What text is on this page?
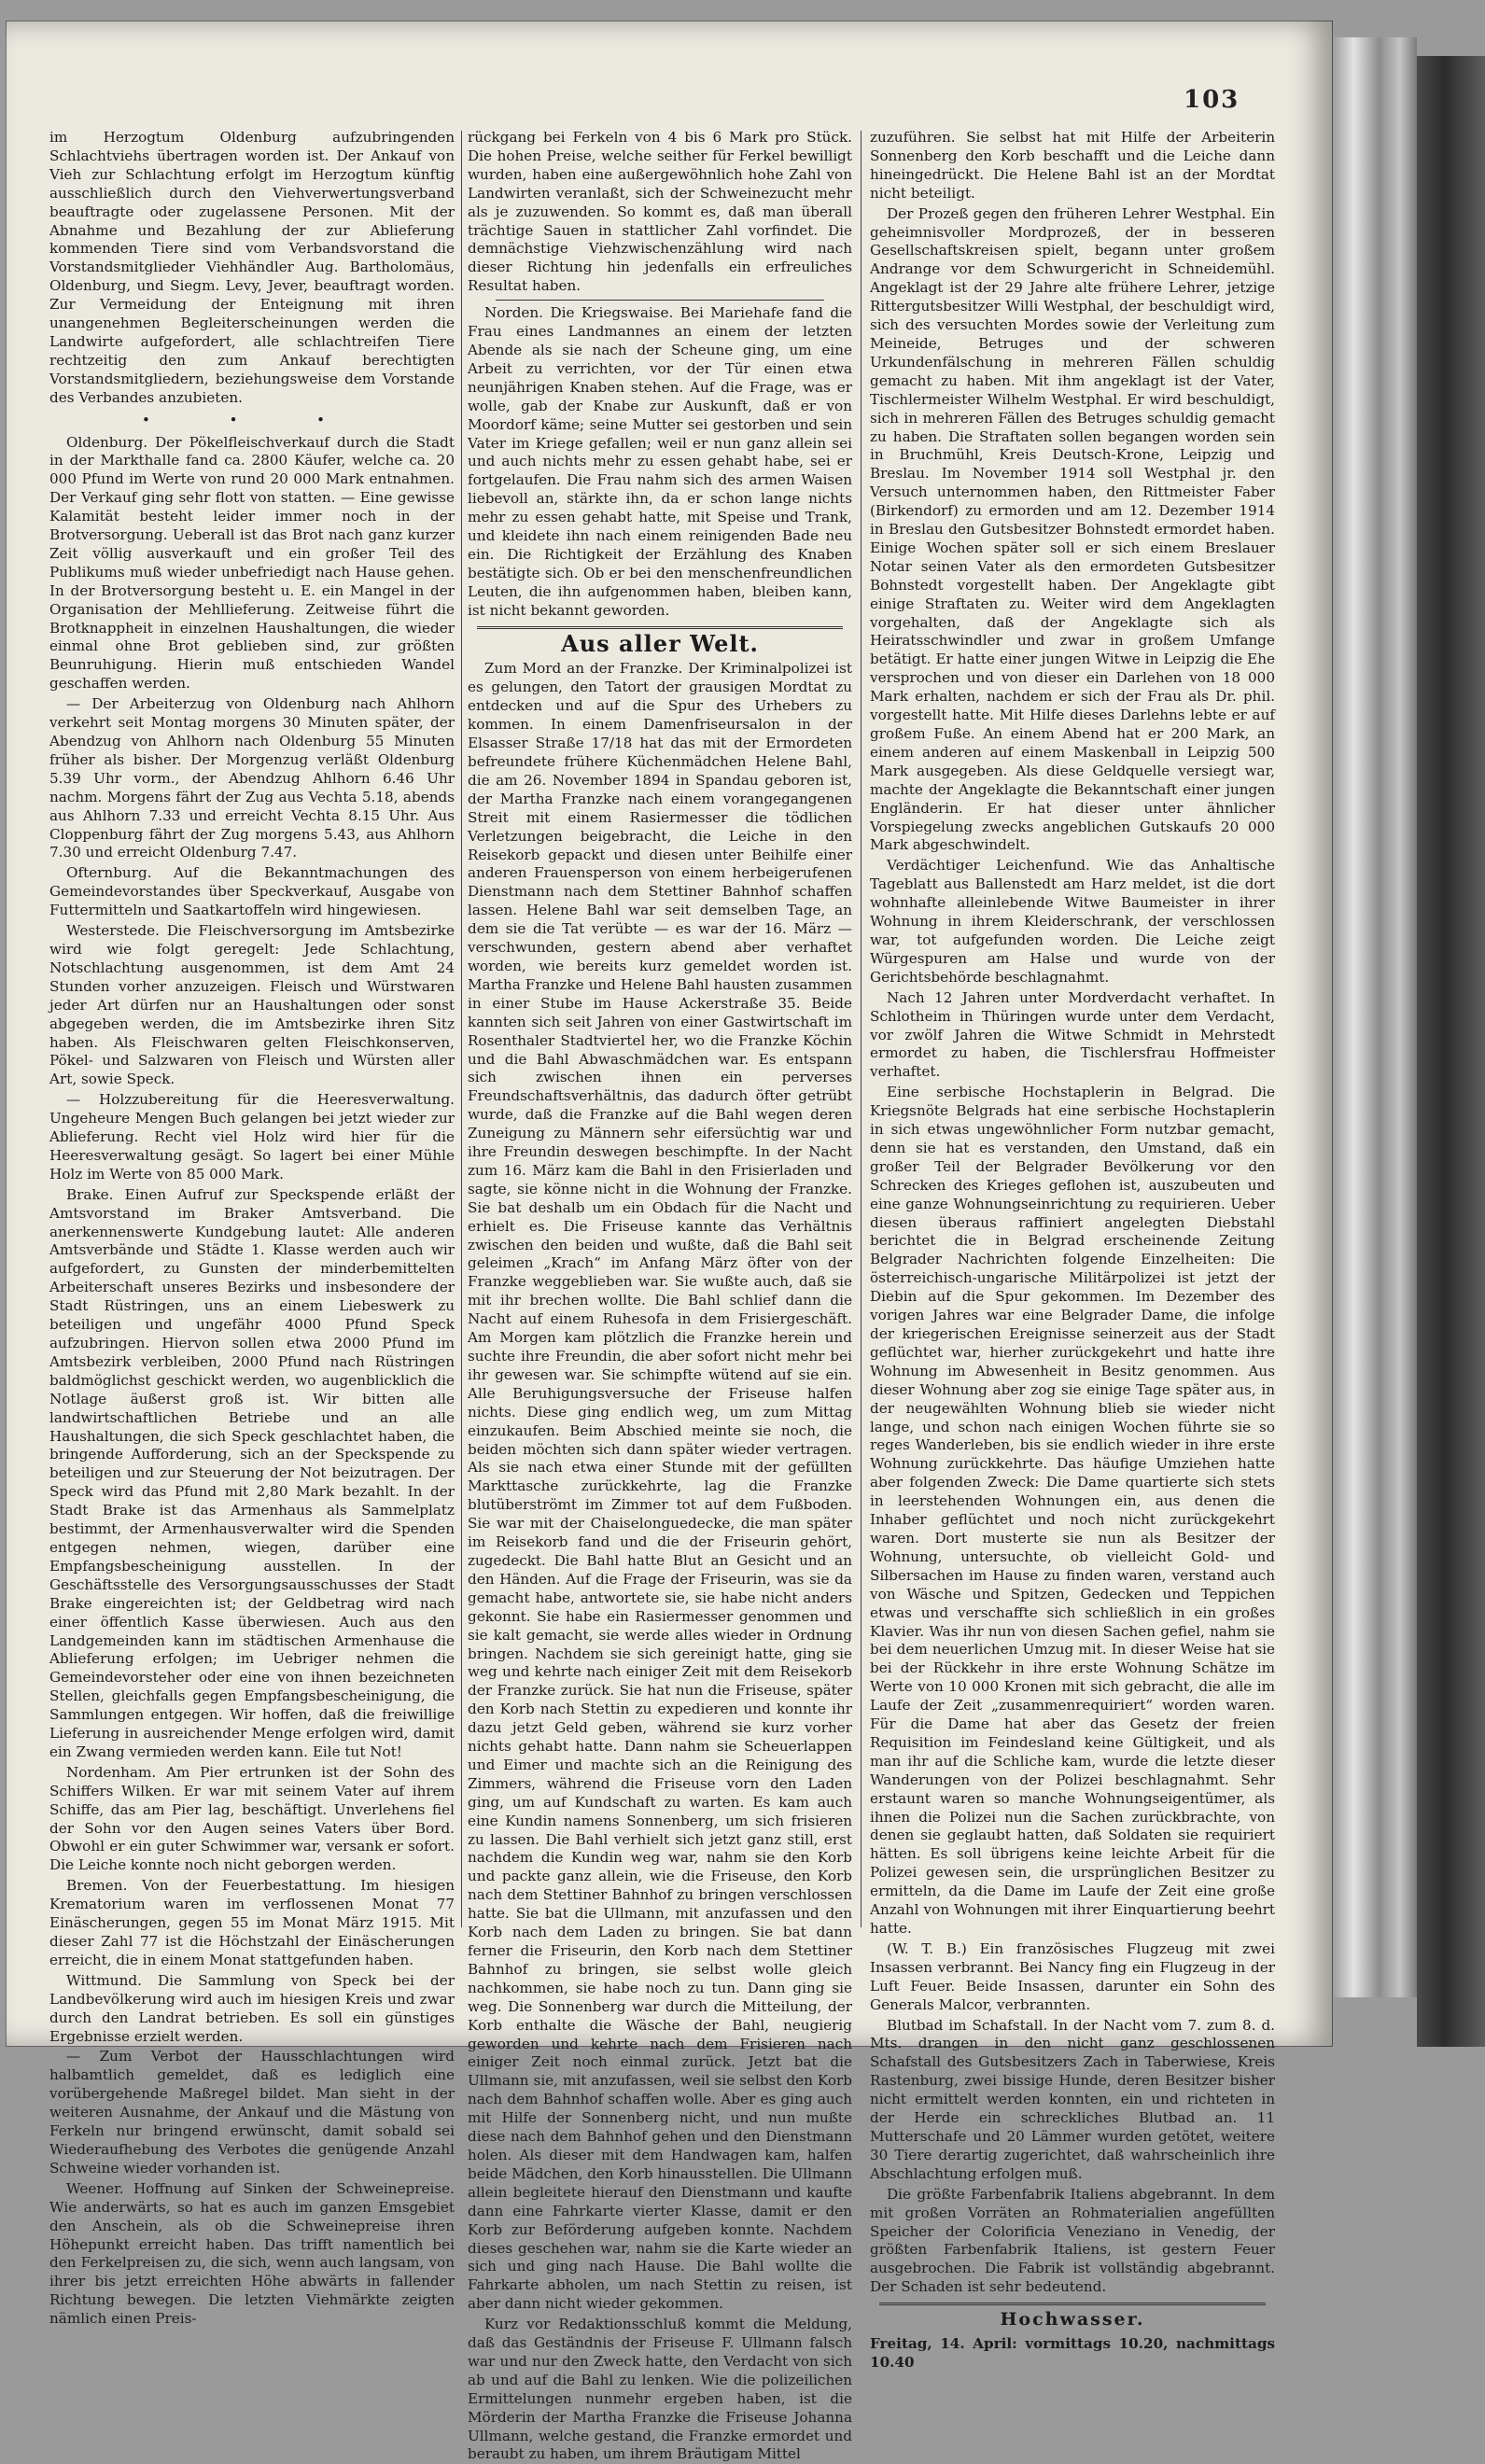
103

im Herzogtum Oldenburg aufzubringenden Schlachtviehs übertragen worden ist. Der Ankauf von Vieh zur Schlachtung erfolgt im Herzogtum künftig ausschließlich durch den Viehverwertungsverband beauftragte oder zugelassene Personen. Mit der Abnahme und Bezahlung der zur Ablieferung kommenden Tiere sind vom Verbandsvorstand die Vorstandsmitglieder Viehhändler Aug. Bartholomäus, Oldenburg, und Siegm. Levy, Jever, beauftragt worden. Zur Vermeidung der Enteignung mit ihren unangenehmen Begleiterscheinungen werden die Landwirte aufgefordert, alle schlachtreifen Tiere rechtzeitig den zum Ankauf berechtigten Vorstandsmitgliedern, beziehungsweise dem Vorstande des Verbandes anzubieten.

• • •

Oldenburg. Der Pökelfleischverkauf durch die Stadt in der Markthalle fand ca. 2800 Käufer, welche ca. 20 000 Pfund im Werte von rund 20 000 Mark entnahmen. Der Verkauf ging sehr flott von statten. — Eine gewisse Kalamität besteht leider immer noch in der Brotversorgung. Ueberall ist das Brot nach ganz kurzer Zeit völlig ausverkauft und ein großer Teil des Publikums muß wieder unbefriedigt nach Hause gehen. In der Brotversorgung besteht u. E. ein Mangel in der Organisation der Mehllieferung. Zeitweise führt die Brotknappheit in einzelnen Haushaltungen, die wieder einmal ohne Brot geblieben sind, zur größten Beunruhigung. Hierin muß entschieden Wandel geschaffen werden.

— Der Arbeiterzug von Oldenburg nach Ahlhorn verkehrt seit Montag morgens 30 Minuten später, der Abendzug von Ahlhorn nach Oldenburg 55 Minuten früher als bisher. Der Morgenzug verläßt Oldenburg 5.39 Uhr vorm., der Abendzug Ahlhorn 6.46 Uhr nachm. Morgens fährt der Zug aus Vechta 5.18, abends aus Ahlhorn 7.33 und erreicht Vechta 8.15 Uhr. Aus Cloppenburg fährt der Zug morgens 5.43, aus Ahlhorn 7.30 und erreicht Oldenburg 7.47.

Ofternburg. Auf die Bekanntmachungen des Gemeindevorstandes über Speckverkauf, Ausgabe von Futtermitteln und Saatkartoffeln wird hingewiesen.

Westerstede. Die Fleischversorgung im Amtsbezirke wird wie folgt geregelt: Jede Schlachtung, Notschlachtung ausgenommen, ist dem Amt 24 Stunden vorher anzuzeigen. Fleisch und Würstwaren jeder Art dürfen nur an Haushaltungen oder sonst abgegeben werden, die im Amtsbezirke ihren Sitz haben. Als Fleischwaren gelten Fleischkonserven, Pökel- und Salzwaren von Fleisch und Würsten aller Art, sowie Speck.

— Holzzubereitung für die Heeresverwaltung. Ungeheure Mengen Buch gelangen bei jetzt wieder zur Ablieferung. Recht viel Holz wird hier für die Heeresverwaltung gesägt. So lagert bei einer Mühle Holz im Werte von 85 000 Mark.

Brake. Einen Aufruf zur Speckspende erläßt der Amtsvorstand im Braker Amtsverband. Die anerkennenswerte Kundgebung lautet: Alle anderen Amtsverbände und Städte 1. Klasse werden auch wir aufgefordert, zu Gunsten der minderbemittelten Arbeiterschaft unseres Bezirks und insbesondere der Stadt Rüstringen, uns an einem Liebeswerk zu beteiligen und ungefähr 4000 Pfund Speck aufzubringen. Hiervon sollen etwa 2000 Pfund im Amtsbezirk verbleiben, 2000 Pfund nach Rüstringen baldmöglichst geschickt werden, wo augenblicklich die Notlage äußerst groß ist. Wir bitten alle landwirtschaftlichen Betriebe und an alle Haushaltungen, die sich Speck geschlachtet haben, die bringende Aufforderung, sich an der Speckspende zu beteiligen und zur Steuerung der Not beizutragen. Der Speck wird das Pfund mit 2,80 Mark bezahlt. In der Stadt Brake ist das Armenhaus als Sammelplatz bestimmt, der Armenhausverwalter wird die Spenden entgegen nehmen, wiegen, darüber eine Empfangsbescheinigung ausstellen. In der Geschäftsstelle des Versorgungsausschusses der Stadt Brake eingereichten ist; der Geldbetrag wird nach einer öffentlich Kasse überwiesen. Auch aus den Landgemeinden kann im städtischen Armenhause die Ablieferung erfolgen; im Uebriger nehmen die Gemeindevorsteher oder eine von ihnen bezeichneten Stellen, gleichfalls gegen Empfangsbescheinigung, die Sammlungen entgegen. Wir hoffen, daß die freiwillige Lieferung in ausreichender Menge erfolgen wird, damit ein Zwang vermieden werden kann. Eile tut Not!

Nordenham. Am Pier ertrunken ist der Sohn des Schiffers Wilken. Er war mit seinem Vater auf ihrem Schiffe, das am Pier lag, beschäftigt. Unverlehens fiel der Sohn vor den Augen seines Vaters über Bord. Obwohl er ein guter Schwimmer war, versank er sofort. Die Leiche konnte noch nicht geborgen werden.

Bremen. Von der Feuerbestattung. Im hiesigen Krematorium waren im verflossenen Monat 77 Einäscherungen, gegen 55 im Monat März 1915. Mit dieser Zahl 77 ist die Höchstzahl der Einäscherungen erreicht, die in einem Monat stattgefunden haben.

Wittmund. Die Sammlung von Speck bei der Landbevölkerung wird auch im hiesigen Kreis und zwar durch den Landrat betrieben. Es soll ein günstiges Ergebnisse erzielt werden.

— Zum Verbot der Hausschlachtungen wird halbamtlich gemeldet, daß es lediglich eine vorübergehende Maßregel bildet. Man sieht in der weiteren Ausnahme, der Ankauf und die Mästung von Ferkeln nur bringend erwünscht, damit sobald sei Wiederaufhebung des Verbotes die genügende Anzahl Schweine wieder vorhanden ist.

Weener. Hoffnung auf Sinken der Schweinepreise. Wie anderwärts, so hat es auch im ganzen Emsgebiet den Anschein, als ob die Schweinepreise ihren Höhepunkt erreicht haben. Das trifft namentlich bei den Ferkelpreisen zu, die sich, wenn auch langsam, von ihrer bis jetzt erreichten Höhe abwärts in fallender Richtung bewegen. Die letzten Viehmärkte zeigten nämlich einen Preis-

rückgang bei Ferkeln von 4 bis 6 Mark pro Stück. Die hohen Preise, welche seither für Ferkel bewilligt wurden, haben eine außergewöhnlich hohe Zahl von Landwirten veranlaßt, sich der Schweinezucht mehr als je zuzuwenden. So kommt es, daß man überall trächtige Sauen in stattlicher Zahl vorfindet. Die demnächstige Viehzwischenzählung wird nach dieser Richtung hin jedenfalls ein erfreuliches Resultat haben.

Norden. Die Kriegswaise. Bei Mariehafe fand die Frau eines Landmannes an einem der letzten Abende als sie nach der Scheune ging, um eine Arbeit zu verrichten, vor der Tür einen etwa neunjährigen Knaben stehen. Auf die Frage, was er wolle, gab der Knabe zur Auskunft, daß er von Moordorf käme; seine Mutter sei gestorben und sein Vater im Kriege gefallen; weil er nun ganz allein sei und auch nichts mehr zu essen gehabt habe, sei er fortgelaufen. Die Frau nahm sich des armen Waisen liebevoll an, stärkte ihn, da er schon lange nichts mehr zu essen gehabt hatte, mit Speise und Trank, und kleidete ihn nach einem reinigenden Bade neu ein. Die Richtigkeit der Erzählung des Knaben bestätigte sich. Ob er bei den menschenfreundlichen Leuten, die ihn aufgenommen haben, bleiben kann, ist nicht bekannt geworden.

Aus aller Welt.

Zum Mord an der Franzke. Der Kriminalpolizei ist es gelungen, den Tatort der grausigen Mordtat zu entdecken und auf die Spur des Urhebers zu kommen. In einem Damenfriseursalon in der Elsasser Straße 17/18 hat das mit der Ermordeten befreundete frühere Küchenmädchen Helene Bahl, die am 26. November 1894 in Spandau geboren ist, der Martha Franzke nach einem vorangegangenen Streit mit einem Rasiermesser die tödlichen Verletzungen beigebracht, die Leiche in den Reisekorb gepackt und diesen unter Beihilfe einer anderen Frauensperson von einem herbeigerufenen Dienstmann nach dem Stettiner Bahnhof schaffen lassen. Helene Bahl war seit demselben Tage, an dem sie die Tat verübte — es war der 16. März — verschwunden, gestern abend aber verhaftet worden, wie bereits kurz gemeldet worden ist. Martha Franzke und Helene Bahl hausten zusammen in einer Stube im Hause Ackerstraße 35. Beide kannten sich seit Jahren von einer Gastwirtschaft im Rosenthaler Stadtviertel her, wo die Franzke Köchin und die Bahl Abwaschmädchen war. Es entspann sich zwischen ihnen ein perverses Freundschaftsverhältnis, das dadurch öfter getrübt wurde, daß die Franzke auf die Bahl wegen deren Zuneigung zu Männern sehr eifersüchtig war und ihre Freundin deswegen beschimpfte. In der Nacht zum 16. März kam die Bahl in den Frisierladen und sagte, sie könne nicht in die Wohnung der Franzke. Sie bat deshalb um ein Obdach für die Nacht und erhielt es. Die Friseuse kannte das Verhältnis zwischen den beiden und wußte, daß die Bahl seit geleimen „Krach“ im Anfang März öfter von der Franzke weggeblieben war. Sie wußte auch, daß sie mit ihr brechen wollte. Die Bahl schlief dann die Nacht auf einem Ruhesofa in dem Frisiergeschäft. Am Morgen kam plötzlich die Franzke herein und suchte ihre Freundin, die aber sofort nicht mehr bei ihr gewesen war. Sie schimpfte wütend auf sie ein. Alle Beruhigungsversuche der Friseuse halfen nichts. Diese ging endlich weg, um zum Mittag einzukaufen. Beim Abschied meinte sie noch, die beiden möchten sich dann später wieder vertragen. Als sie nach etwa einer Stunde mit der gefüllten Markttasche zurückkehrte, lag die Franzke blutüberströmt im Zimmer tot auf dem Fußboden. Sie war mit der Chaiselonguedecke, die man später im Reisekorb fand und die der Friseurin gehört, zugedeckt. Die Bahl hatte Blut an Gesicht und an den Händen. Auf die Frage der Friseurin, was sie da gemacht habe, antwortete sie, sie habe nicht anders gekonnt. Sie habe ein Rasiermesser genommen und sie kalt gemacht, sie werde alles wieder in Ordnung bringen. Nachdem sie sich gereinigt hatte, ging sie weg und kehrte nach einiger Zeit mit dem Reisekorb der Franzke zurück. Sie hat nun die Friseuse, später den Korb nach Stettin zu expedieren und konnte ihr dazu jetzt Geld geben, während sie kurz vorher nichts gehabt hatte. Dann nahm sie Scheuerlappen und Eimer und machte sich an die Reinigung des Zimmers, während die Friseuse vorn den Laden ging, um auf Kundschaft zu warten. Es kam auch eine Kundin namens Sonnenberg, um sich frisieren zu lassen. Die Bahl verhielt sich jetzt ganz still, erst nachdem die Kundin weg war, nahm sie den Korb und packte ganz allein, wie die Friseuse, den Korb nach dem Stettiner Bahnhof zu bringen verschlossen hatte. Sie bat die Ullmann, mit anzufassen und den Korb nach dem Laden zu bringen. Sie bat dann ferner die Friseurin, den Korb nach dem Stettiner Bahnhof zu bringen, sie selbst wolle gleich nachkommen, sie habe noch zu tun. Dann ging sie weg. Die Sonnenberg war durch die Mitteilung, der Korb enthalte die Wäsche der Bahl, neugierig geworden und kehrte nach dem Frisieren nach einiger Zeit noch einmal zurück. Jetzt bat die Ullmann sie, mit anzufassen, weil sie selbst den Korb nach dem Bahnhof schaffen wolle. Aber es ging auch mit Hilfe der Sonnenberg nicht, und nun mußte diese nach dem Bahnhof gehen und den Dienstmann holen. Als dieser mit dem Handwagen kam, halfen beide Mädchen, den Korb hinausstellen. Die Ullmann allein begleitete hierauf den Dienstmann und kaufte dann eine Fahrkarte vierter Klasse, damit er den Korb zur Beförderung aufgeben konnte. Nachdem dieses geschehen war, nahm sie die Karte wieder an sich und ging nach Hause. Die Bahl wollte die Fahrkarte abholen, um nach Stettin zu reisen, ist aber dann nicht wieder gekommen.

Kurz vor Redaktionsschluß kommt die Meldung, daß das Geständnis der Friseuse F. Ullmann falsch war und nur den Zweck hatte, den Verdacht von sich ab und auf die Bahl zu lenken. Wie die polizeilichen Ermittelungen nunmehr ergeben haben, ist die Mörderin der Martha Franzke die Friseuse Johanna Ullmann, welche gestand, die Franzke ermordet und beraubt zu haben, um ihrem Bräutigam Mittel

zuzuführen. Sie selbst hat mit Hilfe der Arbeiterin Sonnenberg den Korb beschafft und die Leiche dann hineingedrückt. Die Helene Bahl ist an der Mordtat nicht beteiligt.

Der Prozeß gegen den früheren Lehrer Westphal. Ein geheimnisvoller Mordprozeß, der in besseren Gesellschaftskreisen spielt, begann unter großem Andrange vor dem Schwurgericht in Schneidemühl. Angeklagt ist der 29 Jahre alte frühere Lehrer, jetzige Rittergutsbesitzer Willi Westphal, der beschuldigt wird, sich des versuchten Mordes sowie der Verleitung zum Meineide, Betruges und der schweren Urkundenfälschung in mehreren Fällen schuldig gemacht zu haben. Mit ihm angeklagt ist der Vater, Tischlermeister Wilhelm Westphal. Er wird beschuldigt, sich in mehreren Fällen des Betruges schuldig gemacht zu haben. Die Straftaten sollen begangen worden sein in Bruchmühl, Kreis Deutsch-Krone, Leipzig und Breslau. Im November 1914 soll Westphal jr. den Versuch unternommen haben, den Rittmeister Faber (Birkendorf) zu ermorden und am 12. Dezember 1914 in Breslau den Gutsbesitzer Bohnstedt ermordet haben. Einige Wochen später soll er sich einem Breslauer Notar seinen Vater als den ermordeten Gutsbesitzer Bohnstedt vorgestellt haben. Der Angeklagte gibt einige Straftaten zu. Weiter wird dem Angeklagten vorgehalten, daß der Angeklagte sich als Heiratsschwindler und zwar in großem Umfange betätigt. Er hatte einer jungen Witwe in Leipzig die Ehe versprochen und von dieser ein Darlehen von 18 000 Mark erhalten, nachdem er sich der Frau als Dr. phil. vorgestellt hatte. Mit Hilfe dieses Darlehns lebte er auf großem Fuße. An einem Abend hat er 200 Mark, an einem anderen auf einem Maskenball in Leipzig 500 Mark ausgegeben. Als diese Geldquelle versiegt war, machte der Angeklagte die Bekanntschaft einer jungen Engländerin. Er hat dieser unter ähnlicher Vorspiegelung zwecks angeblichen Gutskaufs 20 000 Mark abgeschwindelt.

Verdächtiger Leichenfund. Wie das Anhaltische Tageblatt aus Ballenstedt am Harz meldet, ist die dort wohnhafte alleinlebende Witwe Baumeister in ihrer Wohnung in ihrem Kleiderschrank, der verschlossen war, tot aufgefunden worden. Die Leiche zeigt Würgespuren am Halse und wurde von der Gerichtsbehörde beschlagnahmt.

Nach 12 Jahren unter Mordverdacht verhaftet. In Schlotheim in Thüringen wurde unter dem Verdacht, vor zwölf Jahren die Witwe Schmidt in Mehrstedt ermordet zu haben, die Tischlersfrau Hoffmeister verhaftet.

Eine serbische Hochstaplerin in Belgrad. Die Kriegsnöte Belgrads hat eine serbische Hochstaplerin in sich etwas ungewöhnlicher Form nutzbar gemacht, denn sie hat es verstanden, den Umstand, daß ein großer Teil der Belgrader Bevölkerung vor den Schrecken des Krieges geflohen ist, auszubeuten und eine ganze Wohnungseinrichtung zu requirieren. Ueber diesen überaus raffiniert angelegten Diebstahl berichtet die in Belgrad erscheinende Zeitung Belgrader Nachrichten folgende Einzelheiten: Die österreichisch-ungarische Militärpolizei ist jetzt der Diebin auf die Spur gekommen. Im Dezember des vorigen Jahres war eine Belgrader Dame, die infolge der kriegerischen Ereignisse seinerzeit aus der Stadt geflüchtet war, hierher zurückgekehrt und hatte ihre Wohnung im Abwesenheit in Besitz genommen. Aus dieser Wohnung aber zog sie einige Tage später aus, in der neugewählten Wohnung blieb sie wieder nicht lange, und schon nach einigen Wochen führte sie so reges Wanderleben, bis sie endlich wieder in ihre erste Wohnung zurückkehrte. Das häufige Umziehen hatte aber folgenden Zweck: Die Dame quartierte sich stets in leerstehenden Wohnungen ein, aus denen die Inhaber geflüchtet und noch nicht zurückgekehrt waren. Dort musterte sie nun als Besitzer der Wohnung, untersuchte, ob vielleicht Gold- und Silbersachen im Hause zu finden waren, verstand auch von Wäsche und Spitzen, Gedecken und Teppichen etwas und verschaffte sich schließlich in ein großes Klavier. Was ihr nun von diesen Sachen gefiel, nahm sie bei dem neuerlichen Umzug mit. In dieser Weise hat sie bei der Rückkehr in ihre erste Wohnung Schätze im Werte von 10 000 Kronen mit sich gebracht, die alle im Laufe der Zeit „zusammenrequiriert“ worden waren. Für die Dame hat aber das Gesetz der freien Requisition im Feindesland keine Gültigkeit, und als man ihr auf die Schliche kam, wurde die letzte dieser Wanderungen von der Polizei beschlagnahmt. Sehr erstaunt waren so manche Wohnungseigentümer, als ihnen die Polizei nun die Sachen zurückbrachte, von denen sie geglaubt hatten, daß Soldaten sie requiriert hätten. Es soll übrigens keine leichte Arbeit für die Polizei gewesen sein, die ursprünglichen Besitzer zu ermitteln, da die Dame im Laufe der Zeit eine große Anzahl von Wohnungen mit ihrer Einquartierung beehrt hatte.

(W. T. B.) Ein französisches Flugzeug mit zwei Insassen verbrannt. Bei Nancy fing ein Flugzeug in der Luft Feuer. Beide Insassen, darunter ein Sohn des Generals Malcor, verbrannten.

Blutbad im Schafstall. In der Nacht vom 7. zum 8. d. Mts. drangen in den nicht ganz geschlossenen Schafstall des Gutsbesitzers Zach in Taberwiese, Kreis Rastenburg, zwei bissige Hunde, deren Besitzer bisher nicht ermittelt werden konnten, ein und richteten in der Herde ein schreckliches Blutbad an. 11 Mutterschafe und 20 Lämmer wurden getötet, weitere 30 Tiere derartig zugerichtet, daß wahrscheinlich ihre Abschlachtung erfolgen muß.

Die größte Farbenfabrik Italiens abgebrannt. In dem mit großen Vorräten an Rohmaterialien angefüllten Speicher der Colorificia Veneziano in Venedig, der größten Farbenfabrik Italiens, ist gestern Feuer ausgebrochen. Die Fabrik ist vollständig abgebrannt. Der Schaden ist sehr bedeutend.

Hochwasser.
Freitag, 14. April: vormittags 10.20, nachmittags 10.40
